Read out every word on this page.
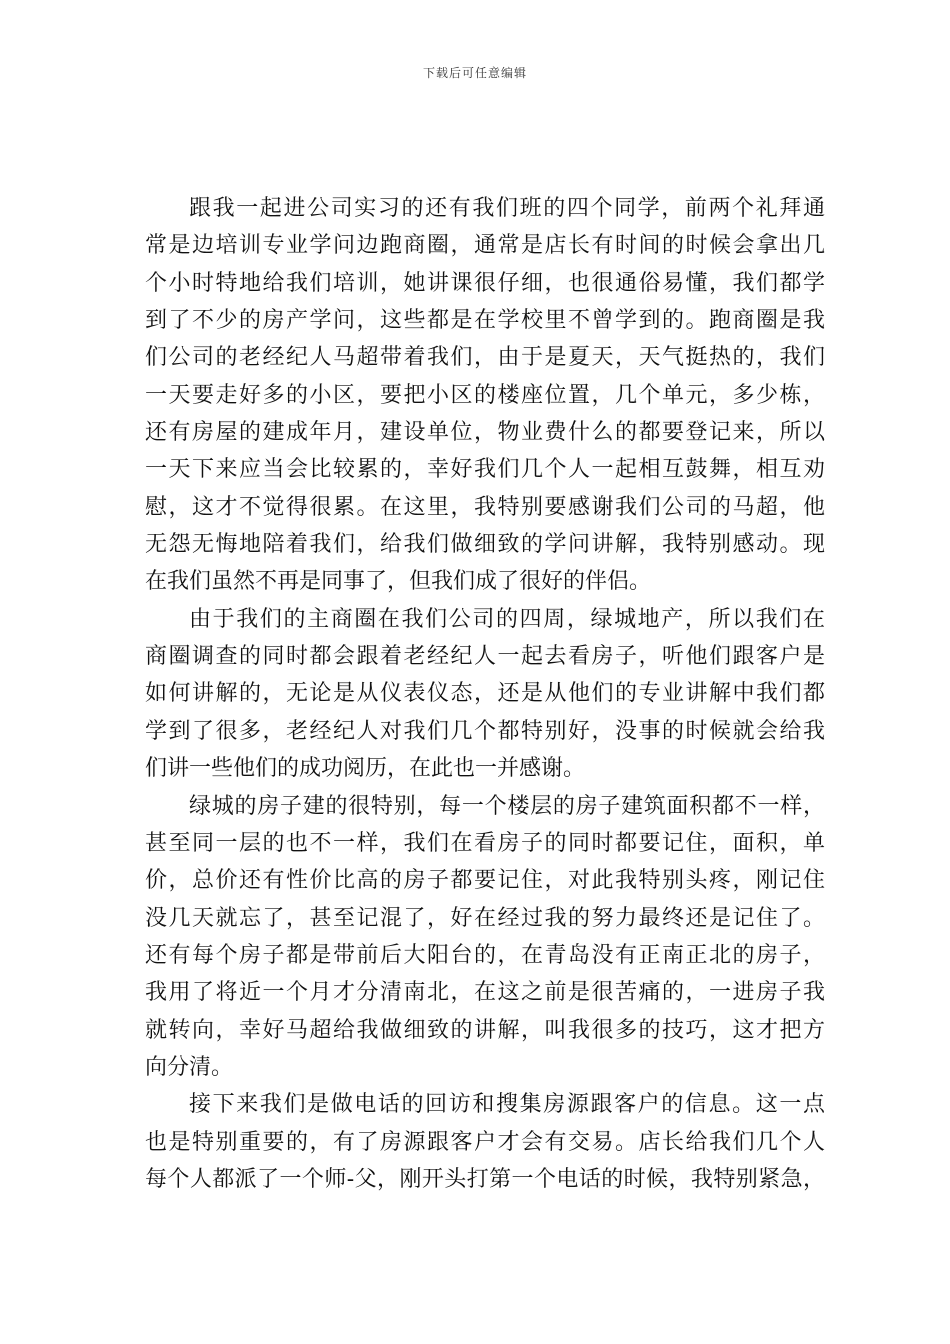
下载后可任意编辑
跟我一起进公司实习的还有我们班的四个同学，前两个礼拜通
常是边培训专业学问边跑商圈，通常是店长有时间的时候会拿出几
个小时特地给我们培训，她讲课很仔细，也很通俗易懂，我们都学
到了不少的房产学问，这些都是在学校里不曾学到的。跑商圈是我
们公司的老经纪人马超带着我们，由于是夏天，天气挺热的，我们
一天要走好多的小区，要把小区的楼座位置，几个单元，多少栋，
还有房屋的建成年月，建设单位，物业费什么的都要登记来，所以
一天下来应当会比较累的，幸好我们几个人一起相互鼓舞，相互劝
慰，这才不觉得很累。在这里，我特别要感谢我们公司的马超，他
无怨无悔地陪着我们，给我们做细致的学问讲解，我特别感动。现
在我们虽然不再是同事了，但我们成了很好的伴侣。
由于我们的主商圈在我们公司的四周，绿城地产，所以我们在
商圈调查的同时都会跟着老经纪人一起去看房子，听他们跟客户是
如何讲解的，无论是从仪表仪态，还是从他们的专业讲解中我们都
学到了很多，老经纪人对我们几个都特别好，没事的时候就会给我
们讲一些他们的成功阅历，在此也一并感谢。
绿城的房子建的很特别，每一个楼层的房子建筑面积都不一样，
甚至同一层的也不一样，我们在看房子的同时都要记住，面积，单
价，总价还有性价比高的房子都要记住，对此我特别头疼，刚记住
没几天就忘了，甚至记混了，好在经过我的努力最终还是记住了。
还有每个房子都是带前后大阳台的，在青岛没有正南正北的房子，
我用了将近一个月才分清南北，在这之前是很苦痛的，一进房子我
就转向，幸好马超给我做细致的讲解，叫我很多的技巧，这才把方
向分清。
接下来我们是做电话的回访和搜集房源跟客户的信息。这一点
也是特别重要的，有了房源跟客户才会有交易。店长给我们几个人
每个人都派了一个师-父，刚开头打第一个电话的时候，我特别紧急，
